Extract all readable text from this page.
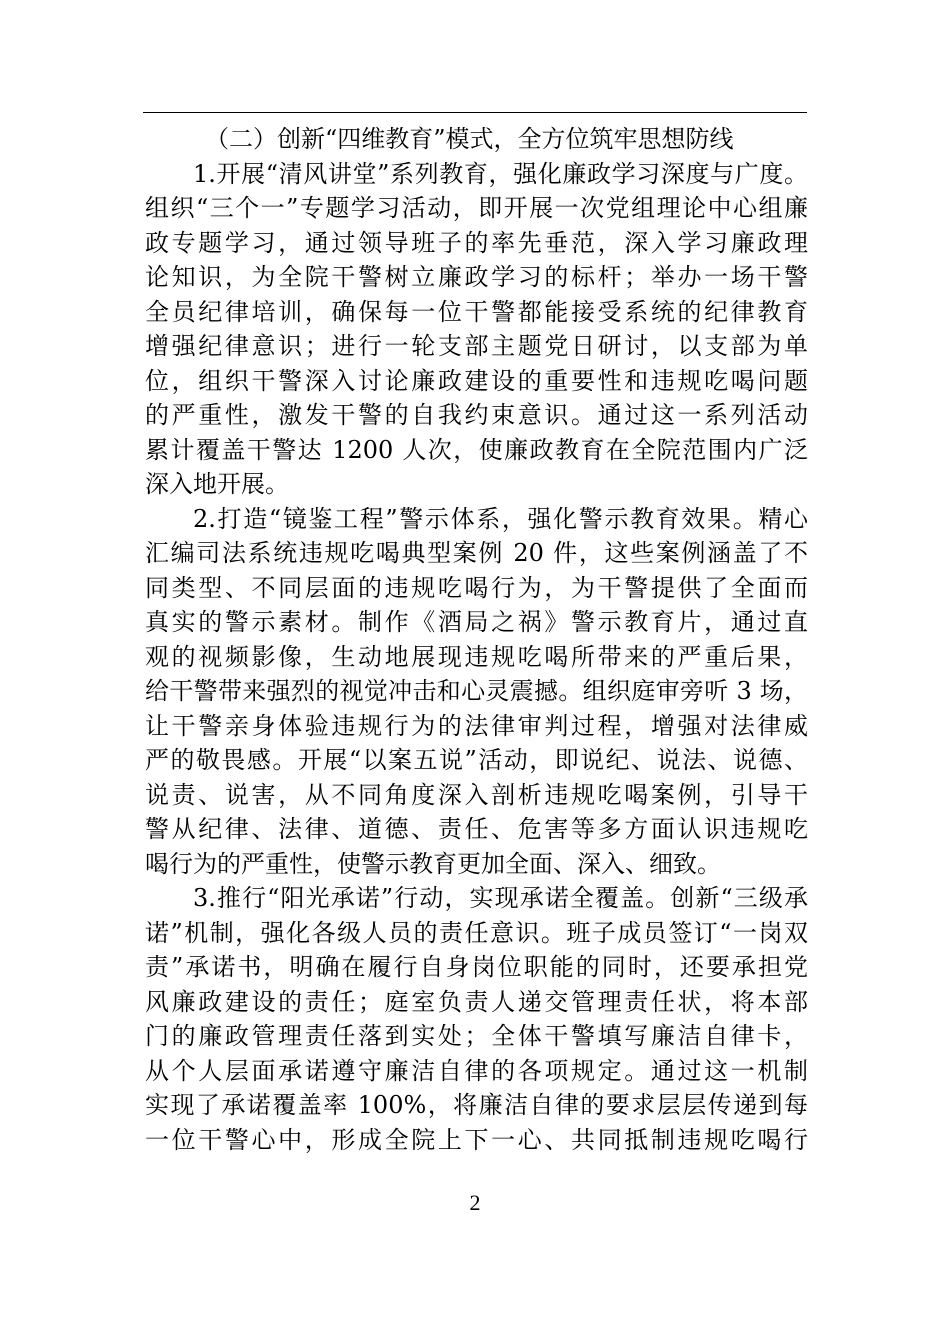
（二）创新“四维教育”模式，全方位筑牢思想防线
1.开展“清风讲堂”系列教育，强化廉政学习深度与广度。
组织“三个一”专题学习活动，即开展一次党组理论中心组廉
政专题学习，通过领导班子的率先垂范，深入学习廉政理
论知识，为全院干警树立廉政学习的标杆；举办一场干警
全员纪律培训，确保每一位干警都能接受系统的纪律教育
增强纪律意识；进行一轮支部主题党日研讨，以支部为单
位，组织干警深入讨论廉政建设的重要性和违规吃喝问题
的严重性，激发干警的自我约束意识。通过这一系列活动
累计覆盖干警达 1200 人次，使廉政教育在全院范围内广泛
深入地开展。
2.打造“镜鉴工程”警示体系，强化警示教育效果。精心
汇编司法系统违规吃喝典型案例 20 件，这些案例涵盖了不
同类型、不同层面的违规吃喝行为，为干警提供了全面而
真实的警示素材。制作《酒局之祸》警示教育片，通过直
观的视频影像，生动地展现违规吃喝所带来的严重后果，
给干警带来强烈的视觉冲击和心灵震撼。组织庭审旁听 3 场，
让干警亲身体验违规行为的法律审判过程，增强对法律威
严的敬畏感。开展“以案五说”活动，即说纪、说法、说德、
说责、说害，从不同角度深入剖析违规吃喝案例，引导干
警从纪律、法律、道德、责任、危害等多方面认识违规吃
喝行为的严重性，使警示教育更加全面、深入、细致。
3.推行“阳光承诺”行动，实现承诺全覆盖。创新“三级承
诺”机制，强化各级人员的责任意识。班子成员签订“一岗双
责”承诺书，明确在履行自身岗位职能的同时，还要承担党
风廉政建设的责任；庭室负责人递交管理责任状，将本部
门的廉政管理责任落到实处；全体干警填写廉洁自律卡，
从个人层面承诺遵守廉洁自律的各项规定。通过这一机制
实现了承诺覆盖率 100%，将廉洁自律的要求层层传递到每
一位干警心中，形成全院上下一心、共同抵制违规吃喝行
2
